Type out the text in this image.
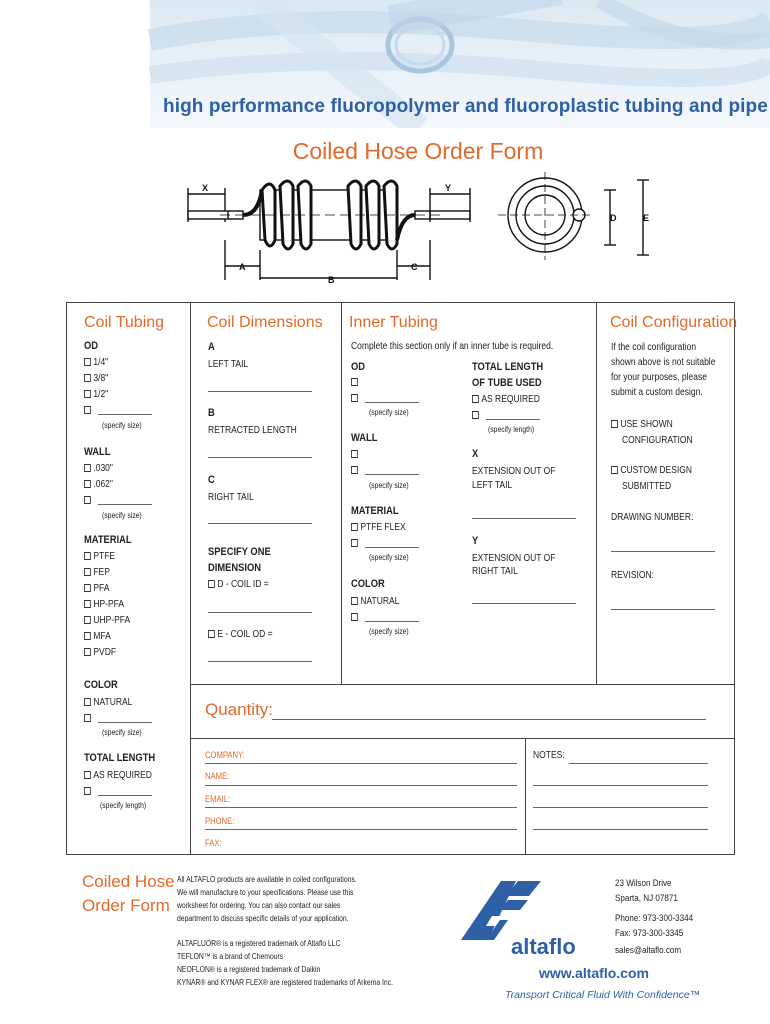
high performance fluoropolymer and fluoroplastic tubing and pipe
Coiled Hose Order Form
X	Y
A
B
C
D	E
Coil Tubing
OD
1/4"
3/8"
1/2"
(specify size)
WALL
.030"
.062"
(specify size)
MATERIAL
PTFE
FEP
PFA
HP-PFA
UHP-PFA
MFA
PVDF
COLOR
NATURAL
(specify size)
TOTAL LENGTH
AS REQUIRED
(specify length)
Coil Dimensions
A
LEFT TAIL
B
RETRACTED LENGTH
C
RIGHT TAIL
SPECIFY ONE
DIMENSION
D - COIL ID =
E - COIL OD =
Inner Tubing
Complete this section only if an inner tube is required.
OD
(specify size)
WALL
(specify size)
MATERIAL
PTFE FLEX
(specify size)
COLOR
NATURAL
(specify size)
TOTAL LENGTH
OF TUBE USED
AS REQUIRED
(specify length)
X
EXTENSION OUT OF
LEFT TAIL
Y
EXTENSION OUT OF
RIGHT TAIL
Coil Configuration
If the coil configuration
shown above is not suitable
for your purposes, please
submit a custom design.
USE SHOWN
CONFIGURATION
CUSTOM DESIGN
SUBMITTED
DRAWING NUMBER:
REVISION:
Quantity:
COMPANY:
NAME:
EMAIL:
PHONE:
FAX:
NOTES:
Coiled Hose
Order Form
All ALTAFLO products are available in coiled configurations.
We will manufacture to your specifications. Please use this
worksheet for ordering. You can also contact our sales
department to discuss specific details of your application.
ALTAFLUOR® is a registered trademark of Altaflo LLC
TEFLON™ is a brand of Chemours
NEOFLON® is a registered trademark of Daikin
KYNAR® and KYNAR FLEX® are registered trademarks of Arkema Inc.
altaflo
23 Wilson Drive
Sparta, NJ 07871
Phone: 973-300-3344
Fax: 973-300-3345
sales@altaflo.com
www.altaflo.com
Transport Critical Fluid With Confidence™
